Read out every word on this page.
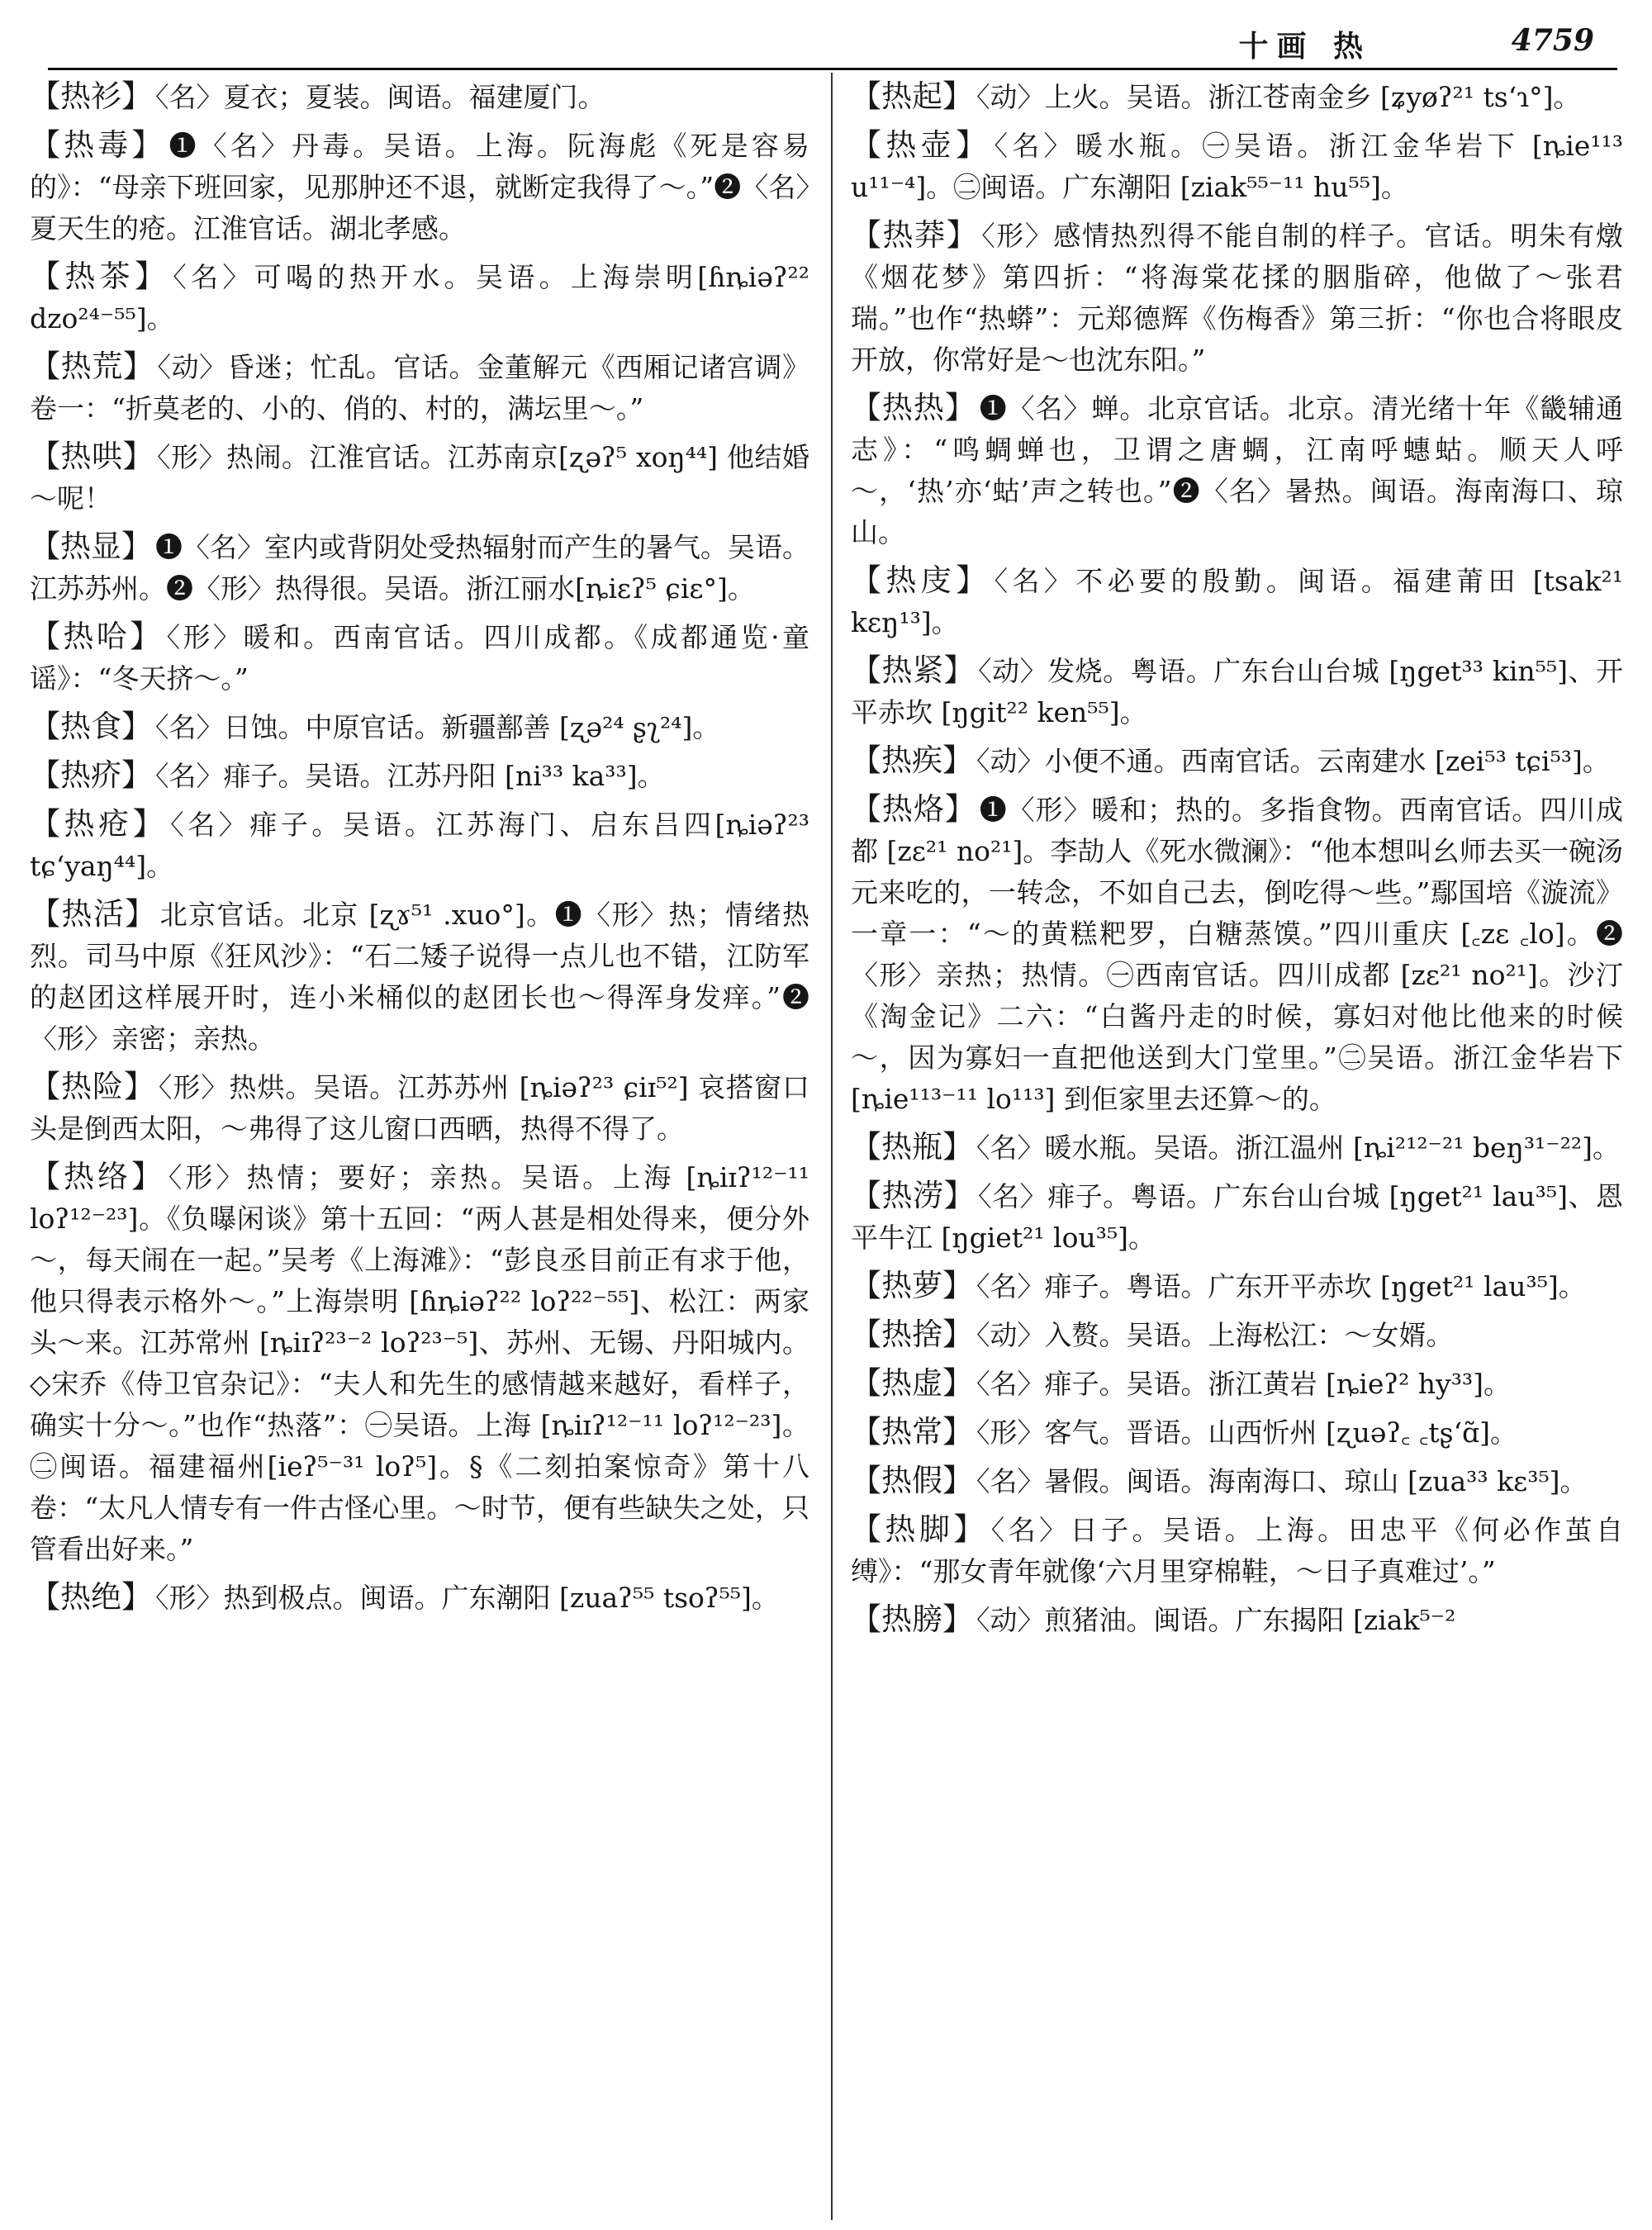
十画 热	4759
【热衫】 〈名〉夏衣；夏装。闽语。福建厦门。
【热毒】 ❶〈名〉丹毒。吴语。上海。阮海彪《死是容易的》：“母亲下班回家，见那肿还不退，就断定我得了～。”❷〈名〉夏天生的疮。江淮官话。湖北孝感。
【热茶】 〈名〉可喝的热开水。吴语。上海崇明[ɦȵiəʔ²² dzo²⁴⁻⁵⁵]。
【热荒】 〈动〉昏迷；忙乱。官话。金董解元《西厢记诸宫调》卷一：“折莫老的、小的、俏的、村的，满坛里～。”
【热哄】 〈形〉热闹。江淮官话。江苏南京[ʐəʔ⁵ xoŋ⁴⁴] 他结婚～呢！
【热显】 ❶〈名〉室内或背阴处受热辐射而产生的暑气。吴语。江苏苏州。❷〈形〉热得很。吴语。浙江丽水[ȵiɛʔ⁵ ɕiɛ°]。
【热哈】 〈形〉暖和。西南官话。四川成都。《成都通览·童谣》：“冬天挤～。”
【热食】 〈名〉日蚀。中原官话。新疆鄯善 [ʐə²⁴ ʂʅ²⁴]。
【热疥】 〈名〉痱子。吴语。江苏丹阳 [ni³³ ka³³]。
【热疮】 〈名〉痱子。吴语。江苏海门、启东吕四[ȵiəʔ²³ tɕʻyaŋ⁴⁴]。
【热活】 北京官话。北京 [ʐɤ⁵¹ .xuo°]。❶〈形〉热；情绪热烈。司马中原《狂风沙》：“石二矮子说得一点儿也不错，江防军的赵团这样展开时，连小米桶似的赵团长也～得浑身发痒。”❷〈形〉亲密；亲热。
【热险】 〈形〉热烘。吴语。江苏苏州 [ȵiəʔ²³ ɕiɪ⁵²] 哀搭窗口头是倒西太阳，～弗得了这儿窗口西晒，热得不得了。
【热络】 〈形〉热情；要好；亲热。吴语。上海 [ȵiɪʔ¹²⁻¹¹ loʔ¹²⁻²³]。《负曝闲谈》第十五回：“两人甚是相处得来，便分外～，每天闹在一起。”吴考《上海滩》：“彭良丞目前正有求于他，他只得表示格外～。”上海崇明 [ɦȵiəʔ²² loʔ²²⁻⁵⁵]、松江：两家头～来。江苏常州 [ȵiɪʔ²³⁻² loʔ²³⁻⁵]、苏州、无锡、丹阳城内。◇宋乔《侍卫官杂记》：“夫人和先生的感情越来越好，看样子，确实十分～。”也作“热落”：㊀吴语。上海 [ȵiɪʔ¹²⁻¹¹ loʔ¹²⁻²³]。㊁闽语。福建福州[ieʔ⁵⁻³¹ loʔ⁵]。§《二刻拍案惊奇》第十八卷：“太凡人情专有一件古怪心里。～时节，便有些缺失之处，只管看出好来。”
【热绝】 〈形〉热到极点。闽语。广东潮阳 [zuaʔ⁵⁵ tsoʔ⁵⁵]。
【热起】 〈动〉上火。吴语。浙江苍南金乡 [ʑyøʔ²¹ tsʻɿ°]。
【热壶】 〈名〉暖水瓶。㊀吴语。浙江金华岩下 [ȵie¹¹³ u¹¹⁻⁴]。㊁闽语。广东潮阳 [ziak⁵⁵⁻¹¹ hu⁵⁵]。
【热莽】 〈形〉感情热烈得不能自制的样子。官话。明朱有燉《烟花梦》第四折：“将海棠花揉的胭脂碎，他做了～张君瑞。”也作“热蟒”：元郑德辉《伤梅香》第三折：“你也合将眼皮开放，你常好是～也沈东阳。”
【热热】 ❶〈名〉蝉。北京官话。北京。清光绪十年《畿辅通志》：“鸣蜩蝉也，卫谓之唐蜩，江南呼蟪蛄。顺天人呼～，‘热’亦‘蛄’声之转也。”❷〈名〉暑热。闽语。海南海口、琼山。
【热庋】 〈名〉不必要的殷勤。闽语。福建莆田 [tsak²¹ kɛŋ¹³]。
【热紧】 〈动〉发烧。粤语。广东台山台城 [ŋget³³ kin⁵⁵]、开平赤坎 [ŋgit²² ken⁵⁵]。
【热疾】 〈动〉小便不通。西南官话。云南建水 [zei⁵³ tɕi⁵³]。
【热烙】 ❶〈形〉暖和；热的。多指食物。西南官话。四川成都 [zɛ²¹ no²¹]。李劼人《死水微澜》：“他本想叫幺师去买一碗汤元来吃的，一转念，不如自己去，倒吃得～些。”鄢国培《漩流》一章一：“～的黄糕粑罗，白糖蒸馍。”四川重庆 [꜀zɛ ꜀lo]。❷〈形〉亲热；热情。㊀西南官话。四川成都 [zɛ²¹ no²¹]。沙汀《淘金记》二六：“白酱丹走的时候，寡妇对他比他来的时候～，因为寡妇一直把他送到大门堂里。”㊁吴语。浙江金华岩下 [ȵie¹¹³⁻¹¹ lo¹¹³] 到佢家里去还算～的。
【热瓶】 〈名〉暖水瓶。吴语。浙江温州 [ȵi²¹²⁻²¹ beŋ³¹⁻²²]。
【热涝】 〈名〉痱子。粤语。广东台山台城 [ŋget²¹ lau³⁵]、恩平牛江 [ŋgiet²¹ lou³⁵]。
【热萝】 〈名〉痱子。粤语。广东开平赤坎 [ŋget²¹ lau³⁵]。
【热捨】 〈动〉入赘。吴语。上海松江：～女婿。
【热虚】 〈名〉痱子。吴语。浙江黄岩 [ȵieʔ² hy³³]。
【热常】 〈形〉客气。晋语。山西忻州 [ʐuəʔ꜀ ꜀tʂʻɑ̃]。
【热假】 〈名〉暑假。闽语。海南海口、琼山 [zua³³ kɛ³⁵]。
【热脚】 〈名〉日子。吴语。上海。田忠平《何必作茧自缚》：“那女青年就像‘六月里穿棉鞋，～日子真难过’。”
【热膀】 〈动〉煎猪油。闽语。广东揭阳 [ziak⁵⁻²
